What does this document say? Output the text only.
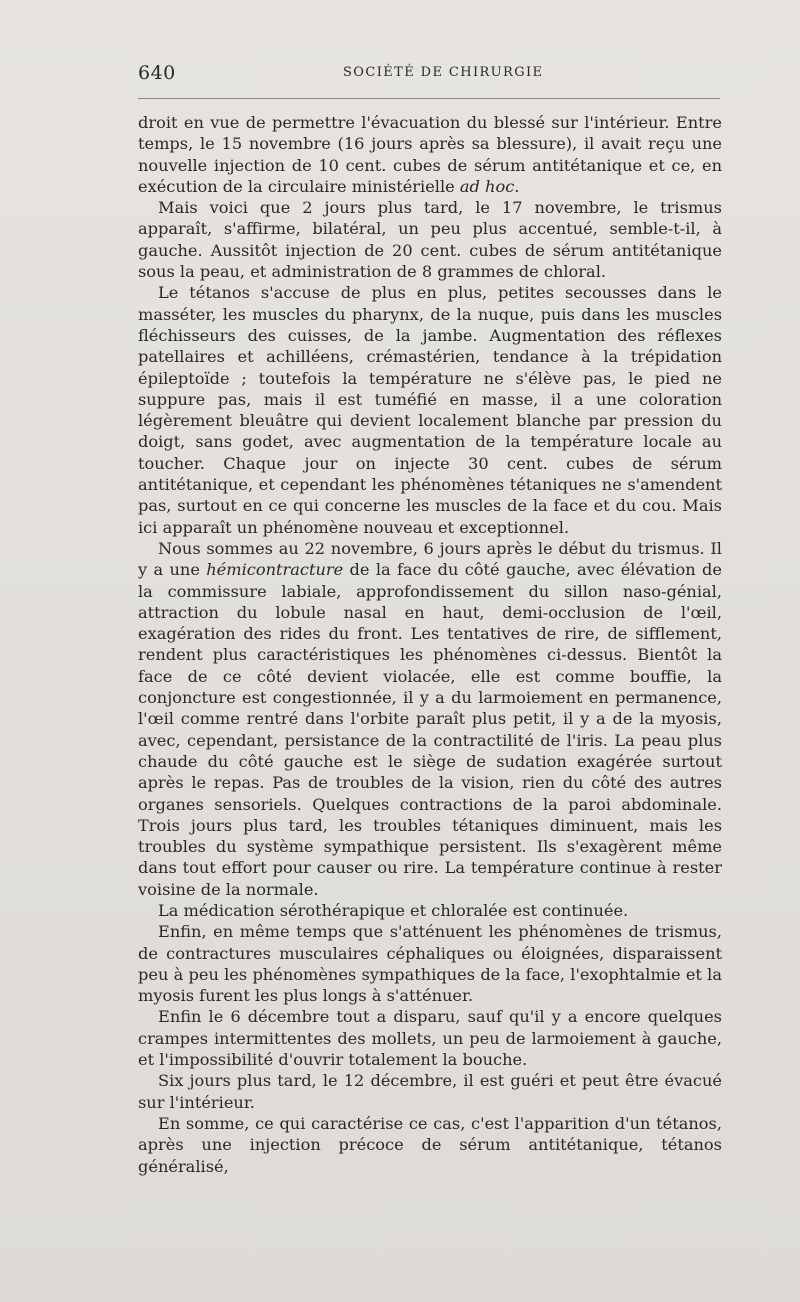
640	SOCIÉTÉ DE CHIRURGIE

droit en vue de permettre l'évacuation du blessé sur l'intérieur. Entre temps, le 15 novembre (16 jours après sa blessure), il avait reçu une nouvelle injection de 10 cent. cubes de sérum antitétanique et ce, en exécution de la circulaire ministérielle ad hoc.

Mais voici que 2 jours plus tard, le 17 novembre, le trismus apparaît, s'affirme, bilatéral, un peu plus accentué, semble-t-il, à gauche. Aussitôt injection de 20 cent. cubes de sérum antitétanique sous la peau, et administration de 8 grammes de chloral.

Le tétanos s'accuse de plus en plus, petites secousses dans le masséter, les muscles du pharynx, de la nuque, puis dans les muscles fléchisseurs des cuisses, de la jambe. Augmentation des réflexes patellaires et achilléens, crémastérien, tendance à la trépidation épileptoïde ; toutefois la température ne s'élève pas, le pied ne suppure pas, mais il est tuméfié en masse, il a une coloration légèrement bleuâtre qui devient localement blanche par pression du doigt, sans godet, avec augmentation de la température locale au toucher. Chaque jour on injecte 30 cent. cubes de sérum antitétanique, et cependant les phénomènes tétaniques ne s'amendent pas, surtout en ce qui concerne les muscles de la face et du cou. Mais ici apparaît un phénomène nouveau et exceptionnel.

Nous sommes au 22 novembre, 6 jours après le début du trismus. Il y a une hémicontracture de la face du côté gauche, avec élévation de la commissure labiale, approfondissement du sillon naso-génial, attraction du lobule nasal en haut, demi-occlusion de l'œil, exagération des rides du front. Les tentatives de rire, de sifflement, rendent plus caractéristiques les phénomènes ci-dessus. Bientôt la face de ce côté devient violacée, elle est comme bouffie, la conjoncture est congestionnée, il y a du larmoiement en permanence, l'œil comme rentré dans l'orbite paraît plus petit, il y a de la myosis, avec, cependant, persistance de la contractilité de l'iris. La peau plus chaude du côté gauche est le siège de sudation exagérée surtout après le repas. Pas de troubles de la vision, rien du côté des autres organes sensoriels. Quelques contractions de la paroi abdominale. Trois jours plus tard, les troubles tétaniques diminuent, mais les troubles du système sympathique persistent. Ils s'exagèrent même dans tout effort pour causer ou rire. La température continue à rester voisine de la normale.

La médication sérothérapique et chloralée est continuée.

Enfin, en même temps que s'atténuent les phénomènes de trismus, de contractures musculaires céphaliques ou éloignées, disparaissent peu à peu les phénomènes sympathiques de la face, l'exophtalmie et la myosis furent les plus longs à s'atténuer.

Enfin le 6 décembre tout a disparu, sauf qu'il y a encore quelques crampes intermittentes des mollets, un peu de larmoiement à gauche, et l'impossibilité d'ouvrir totalement la bouche.

Six jours plus tard, le 12 décembre, il est guéri et peut être évacué sur l'intérieur.

En somme, ce qui caractérise ce cas, c'est l'apparition d'un tétanos, après une injection précoce de sérum antitétanique, tétanos généralisé,
